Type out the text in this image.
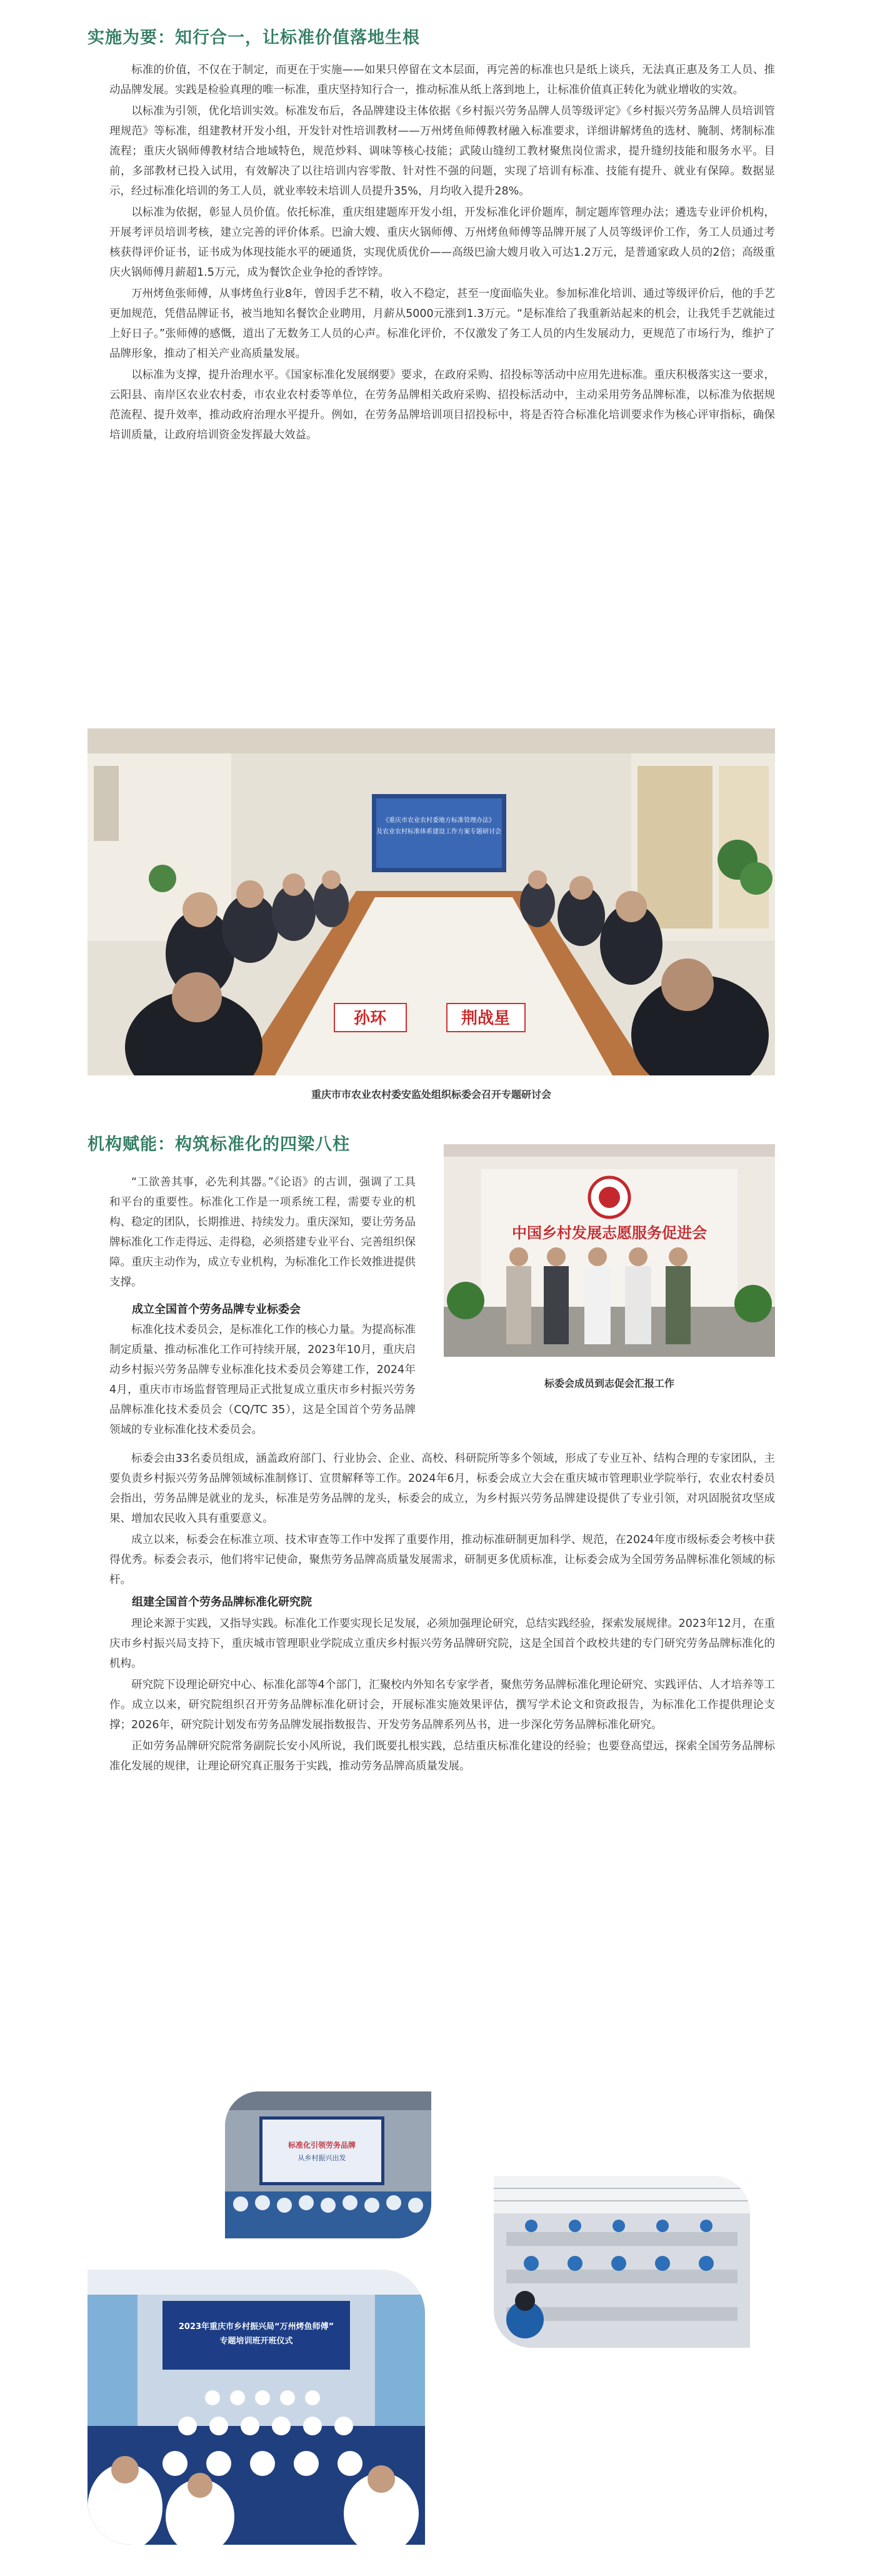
实施为要：知行合一，让标准价值落地生根

标准的价值，不仅在于制定，而更在于实施——如果只停留在文本层面，再完善的标准也只是纸上谈兵，无法真正惠及务工人员、推动品牌发展。实践是检验真理的唯一标准，重庆坚持知行合一，推动标准从纸上落到地上，让标准价值真正转化为就业增收的实效。

以标准为引领，优化培训实效。标准发布后，各品牌建设主体依据《乡村振兴劳务品牌人员等级评定》《乡村振兴劳务品牌人员培训管理规范》等标准，组建教材开发小组，开发针对性培训教材——万州烤鱼师傅教材融入标准要求，详细讲解烤鱼的选材、腌制、烤制标准流程；重庆火锅师傅教材结合地域特色，规范炒料、调味等核心技能；武陵山缝纫工教材聚焦岗位需求，提升缝纫技能和服务水平。目前，多部教材已投入试用，有效解决了以往培训内容零散、针对性不强的问题，实现了培训有标准、技能有提升、就业有保障。数据显示，经过标准化培训的务工人员，就业率较未培训人员提升35%，月均收入提升28%。

以标准为依据，彰显人员价值。依托标准，重庆组建题库开发小组，开发标准化评价题库，制定题库管理办法；遴选专业评价机构，开展考评员培训考核，建立完善的评价体系。巴渝大嫂、重庆火锅师傅、万州烤鱼师傅等品牌开展了人员等级评价工作，务工人员通过考核获得评价证书，证书成为体现技能水平的硬通货，实现优质优价——高级巴渝大嫂月收入可达1.2万元，是普通家政人员的2倍；高级重庆火锅师傅月薪超1.5万元，成为餐饮企业争抢的香饽饽。

万州烤鱼张师傅，从事烤鱼行业8年，曾因手艺不精，收入不稳定，甚至一度面临失业。参加标准化培训、通过等级评价后，他的手艺更加规范，凭借品牌证书，被当地知名餐饮企业聘用，月薪从5000元涨到1.3万元。“是标准给了我重新站起来的机会，让我凭手艺就能过上好日子。”张师傅的感慨，道出了无数务工人员的心声。标准化评价，不仅激发了务工人员的内生发展动力，更规范了市场行为，维护了品牌形象，推动了相关产业高质量发展。

以标准为支撑，提升治理水平。《国家标准化发展纲要》要求，在政府采购、招投标等活动中应用先进标准。重庆积极落实这一要求，云阳县、南岸区农业农村委，市农业农村委等单位，在劳务品牌相关政府采购、招投标活动中，主动采用劳务品牌标准，以标准为依据规范流程、提升效率，推动政府治理水平提升。例如，在劳务品牌培训项目招投标中，将是否符合标准化培训要求作为核心评审指标，确保培训质量，让政府培训资金发挥最大效益。

《重庆市农业农村委地方标准管理办法》
及农业农村标准体系建设工作方案专题研讨会
孙环	荆战星
重庆市市农业农村委安监处组织标委会召开专题研讨会
机构赋能：构筑标准化的四梁八柱

“工欲善其事，必先利其器。”《论语》的古训，强调了工具和平台的重要性。标准化工作是一项系统工程，需要专业的机构、稳定的团队，长期推进、持续发力。重庆深知，要让劳务品牌标准化工作走得远、走得稳，必须搭建专业平台、完善组织保障。重庆主动作为，成立专业机构，为标准化工作长效推进提供支撑。

成立全国首个劳务品牌专业标委会

标准化技术委员会，是标准化工作的核心力量。为提高标准制定质量、推动标准化工作可持续开展，2023年10月，重庆启动乡村振兴劳务品牌专业标准化技术委员会筹建工作，2024年4月，重庆市市场监督管理局正式批复成立重庆市乡村振兴劳务品牌标准化技术委员会（CQ/TC 35），这是全国首个劳务品牌领域的专业标准化技术委员会。

中国乡村发展志愿服务促进会
标委会成员到志促会汇报工作

标委会由33名委员组成，涵盖政府部门、行业协会、企业、高校、科研院所等多个领域，形成了专业互补、结构合理的专家团队，主要负责乡村振兴劳务品牌领域标准制修订、宣贯解释等工作。2024年6月，标委会成立大会在重庆城市管理职业学院举行，农业农村委员会指出，劳务品牌是就业的龙头，标准是劳务品牌的龙头，标委会的成立，为乡村振兴劳务品牌建设提供了专业引领，对巩固脱贫攻坚成果、增加农民收入具有重要意义。

成立以来，标委会在标准立项、技术审查等工作中发挥了重要作用，推动标准研制更加科学、规范，在2024年度市级标委会考核中获得优秀。标委会表示，他们将牢记使命，聚焦劳务品牌高质量发展需求，研制更多优质标准，让标委会成为全国劳务品牌标准化领域的标杆。

组建全国首个劳务品牌标准化研究院

理论来源于实践，又指导实践。标准化工作要实现长足发展，必须加强理论研究，总结实践经验，探索发展规律。2023年12月，在重庆市乡村振兴局支持下，重庆城市管理职业学院成立重庆乡村振兴劳务品牌研究院，这是全国首个政校共建的专门研究劳务品牌标准化的机构。

研究院下设理论研究中心、标准化部等4个部门，汇聚校内外知名专家学者，聚焦劳务品牌标准化理论研究、实践评估、人才培养等工作。成立以来，研究院组织召开劳务品牌标准化研讨会，开展标准实施效果评估，撰写学术论文和资政报告，为标准化工作提供理论支撑；2026年，研究院计划发布劳务品牌发展指数报告、开发劳务品牌系列丛书，进一步深化劳务品牌标准化研究。

正如劳务品牌研究院常务副院长安小风所说，我们既要扎根实践，总结重庆标准化建设的经验；也要登高望远，探索全国劳务品牌标准化发展的规律，让理论研究真正服务于实践，推动劳务品牌高质量发展。

标准化引领劳务品牌
从乡村振兴出发
2023年重庆市乡村振兴局“万州烤鱼师傅”
专题培训班开班仪式
